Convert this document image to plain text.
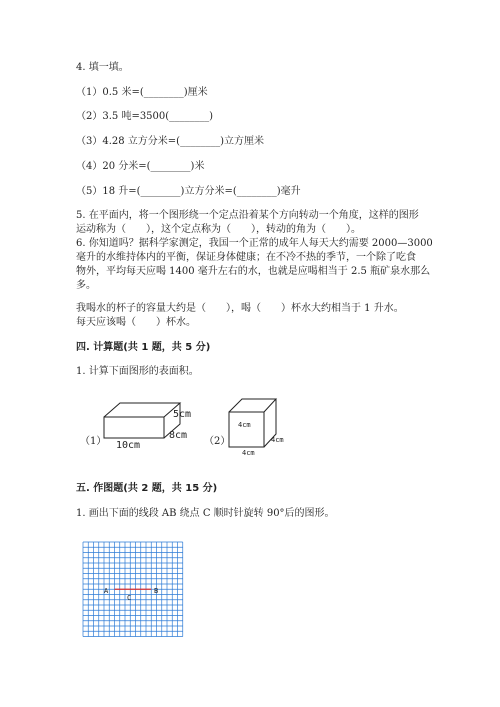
4. 填一填。
（1）0.5 米=(________)厘米
（2）3.5 吨=3500(________)
（3）4.28 立方分米=(________)立方厘米
（4）20 分米=(________)米
（5）18 升=(________)立方分米=(________)毫升
5. 在平面内，将一个图形绕一个定点沿着某个方向转动一个角度，这样的图形
运动称为（　　），这个定点称为（　　），转动的角为（　　）。
6. 你知道吗？据科学家测定，我国一个正常的成年人每天大约需要 2000—3000
毫升的水维持体内的平衡，保证身体健康；在不冷不热的季节，一个除了吃食
物外，平均每天应喝 1400 毫升左右的水，也就是应喝相当于 2.5 瓶矿泉水那么
多。
我喝水的杯子的容量大约是（　　），喝（　　）杯水大约相当于 1 升水。
每天应该喝（　　）杯水。
四. 计算题(共 1 题，共 5 分)
1. 计算下面图形的表面积。
（1）
5cm
8cm
10cm	（2）
4cm
4cm
4cm
五. 作图题(共 2 题，共 15 分)
1. 画出下面的线段 AB 绕点 C 顺时针旋转 90°后的图形。
A
C
B
